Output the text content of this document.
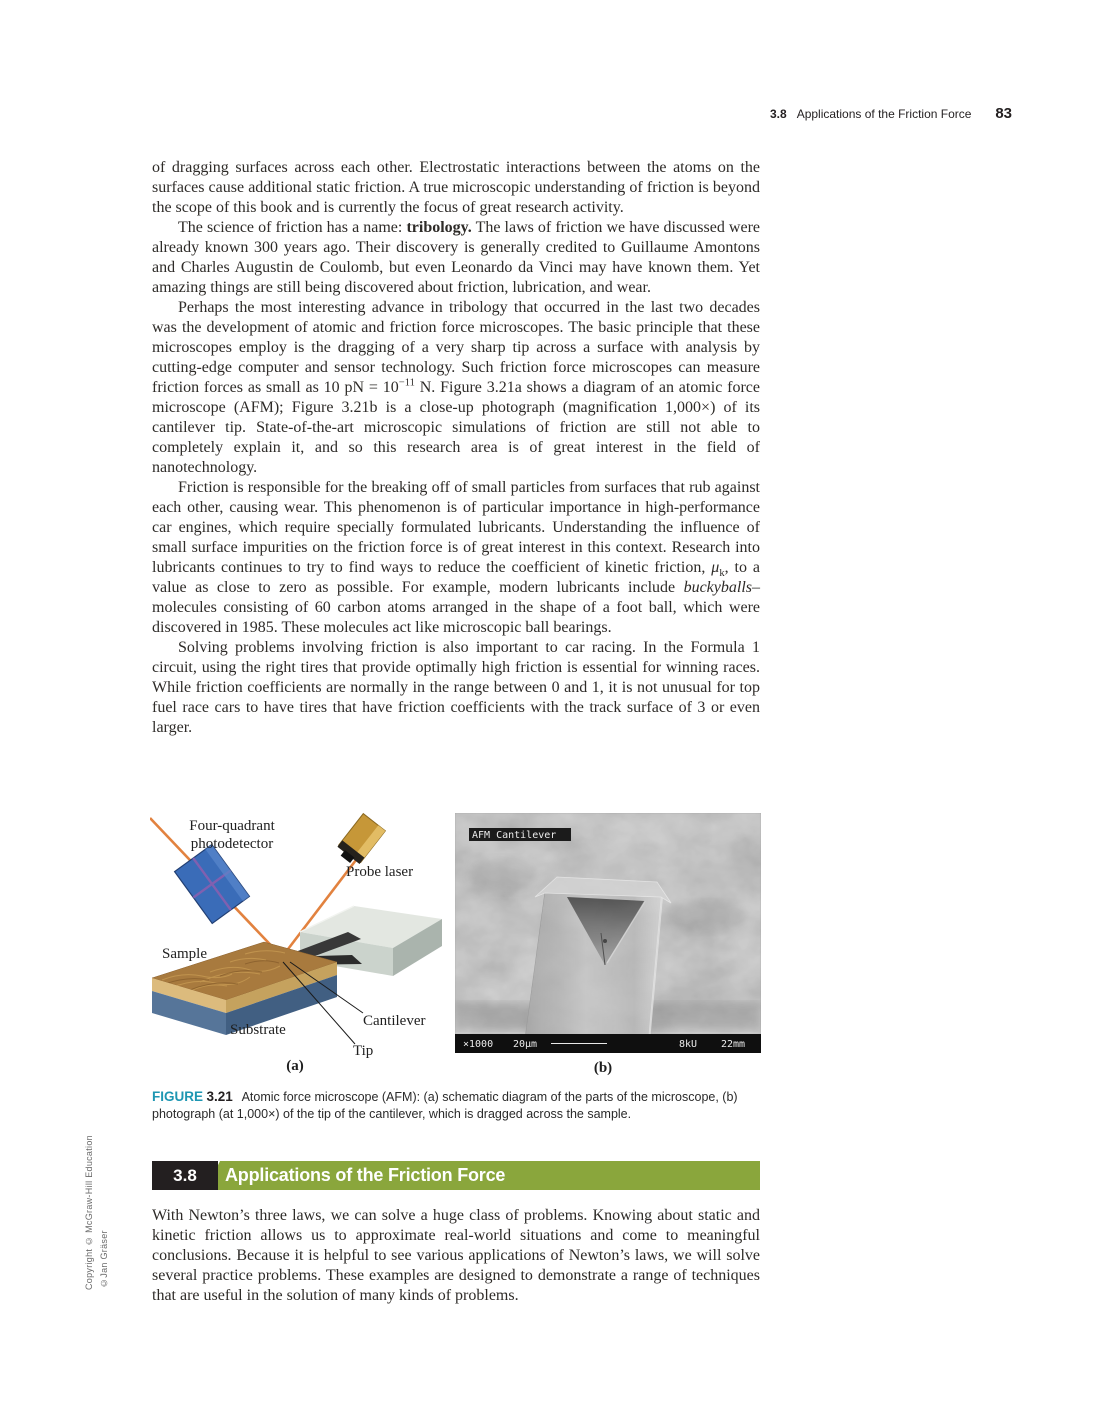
3.8 Applications of the Friction Force 83

of dragging surfaces across each other. Electrostatic interactions between the atoms on the surfaces cause additional static friction. A true microscopic understanding of friction is beyond the scope of this book and is currently the focus of great research activity.

The science of friction has a name: tribology. The laws of friction we have discussed were already known 300 years ago. Their discovery is generally credited to Guillaume Amontons and Charles Augustin de Coulomb, but even Leonardo da Vinci may have known them. Yet amazing things are still being discovered about friction, lubrication, and wear.

Perhaps the most interesting advance in tribology that occurred in the last two decades was the development of atomic and friction force microscopes. The basic principle that these microscopes employ is the dragging of a very sharp tip across a surface with analysis by cutting-edge computer and sensor technology. Such friction force microscopes can measure friction forces as small as 10 pN = $10^{-11}$ N. Figure 3.21a shows a diagram of an atomic force microscope (AFM); Figure 3.21b is a close-up photograph (magnification 1,000×) of its cantilever tip. State-of-the-art microscopic simulations of friction are still not able to completely explain it, and so this research area is of great interest in the field of nanotechnology.

Friction is responsible for the breaking off of small particles from surfaces that rub against each other, causing wear. This phenomenon is of particular importance in high-performance car engines, which require specially formulated lubricants. Understanding the influence of small surface impurities on the friction force is of great interest in this context. Research into lubricants continues to try to find ways to reduce the coefficient of kinetic friction, $\mu_k$, to a value as close to zero as possible. For example, modern lubricants include buckyballs–molecules consisting of 60 carbon atoms arranged in the shape of a foot ball, which were discovered in 1985. These molecules act like microscopic ball bearings.

Solving problems involving friction is also important to car racing. In the Formula 1 circuit, using the right tires that provide optimally high friction is essential for winning races. While friction coefficients are normally in the range between 0 and 1, it is not unusual for top fuel race cars to have tires that have friction coefficients with the track surface of 3 or even larger.

Four-quadrant
photodetector
Probe laser
Sample
Substrate
Cantilever
Tip
(a)
AFM Cantilever
×1000 20μm	8kU 22mm
(b)
FIGURE 3.21 Atomic force microscope (AFM): (a) schematic diagram of the parts of the microscope, (b) photograph (at 1,000×) of the tip of the cantilever, which is dragged across the sample.
3.8	Applications of the Friction Force

With Newton’s three laws, we can solve a huge class of problems. Knowing about static and kinetic friction allows us to approximate real-world situations and come to meaningful conclusions. Because it is helpful to see various applications of Newton’s laws, we will solve several practice problems. These examples are designed to demonstrate a range of techniques that are useful in the solution of many kinds of problems.

Copyright © McGraw-Hill Education ©Jan Gräser
